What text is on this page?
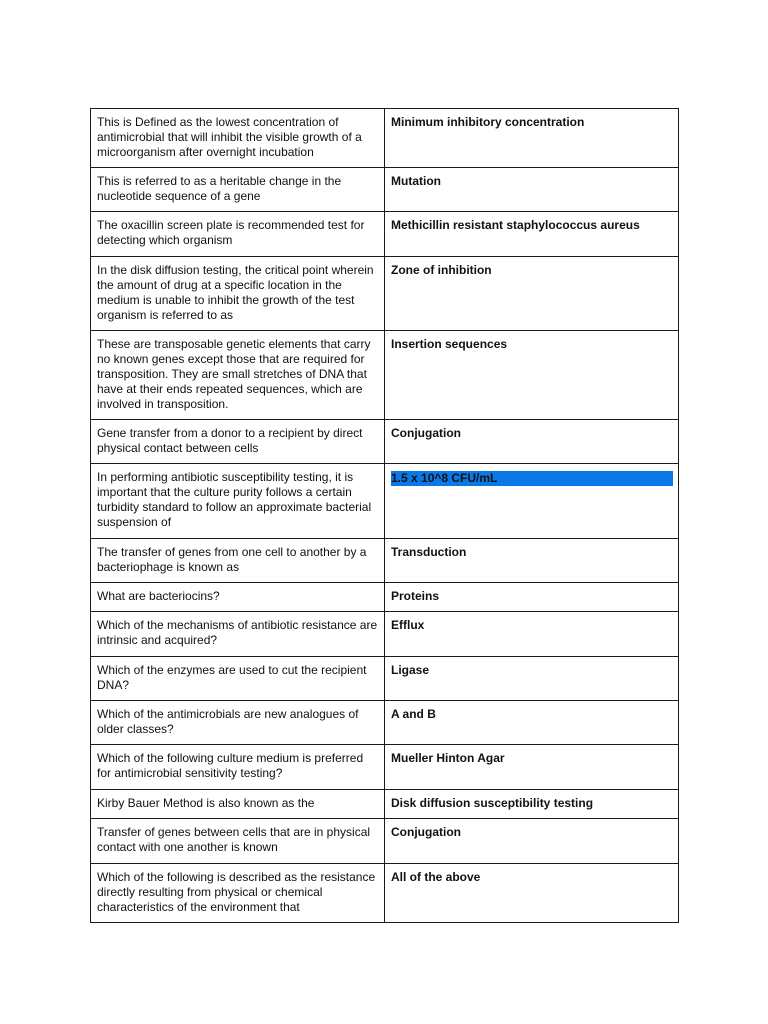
This is Defined as the lowest concentration of antimicrobial that will inhibit the visible growth of a microorganism after overnight incubation	Minimum inhibitory concentration
This is referred to as a heritable change in the nucleotide sequence of a gene	Mutation
The oxacillin screen plate is recommended test for detecting which organism	Methicillin resistant staphylococcus aureus
In the disk diffusion testing, the critical point wherein the amount of drug at a specific location in the medium is unable to inhibit the growth of the test organism is referred to as	Zone of inhibition
These are transposable genetic elements that carry no known genes except those that are required for transposition. They are small stretches of DNA that have at their ends repeated sequences, which are involved in transposition.	Insertion sequences
Gene transfer from a donor to a recipient by direct physical contact between cells	Conjugation
In performing antibiotic susceptibility testing, it is important that the culture purity follows a certain turbidity standard to follow an approximate bacterial suspension of	1.5 x 10^8 CFU/mL

The transfer of genes from one cell to another by a bacteriophage is known as	Transduction
What are bacteriocins?	Proteins
Which of the mechanisms of antibiotic resistance are intrinsic and acquired?	Efflux
Which of the enzymes are used to cut the recipient DNA?	Ligase
Which of the antimicrobials are new analogues of older classes?	A and B
Which of the following culture medium is preferred for antimicrobial sensitivity testing?	Mueller Hinton Agar
Kirby Bauer Method is also known as the	Disk diffusion susceptibility testing
Transfer of genes between cells that are in physical contact with one another is known	Conjugation
Which of the following is described as the resistance directly resulting from physical or chemical characteristics of the environment that	All of the above
